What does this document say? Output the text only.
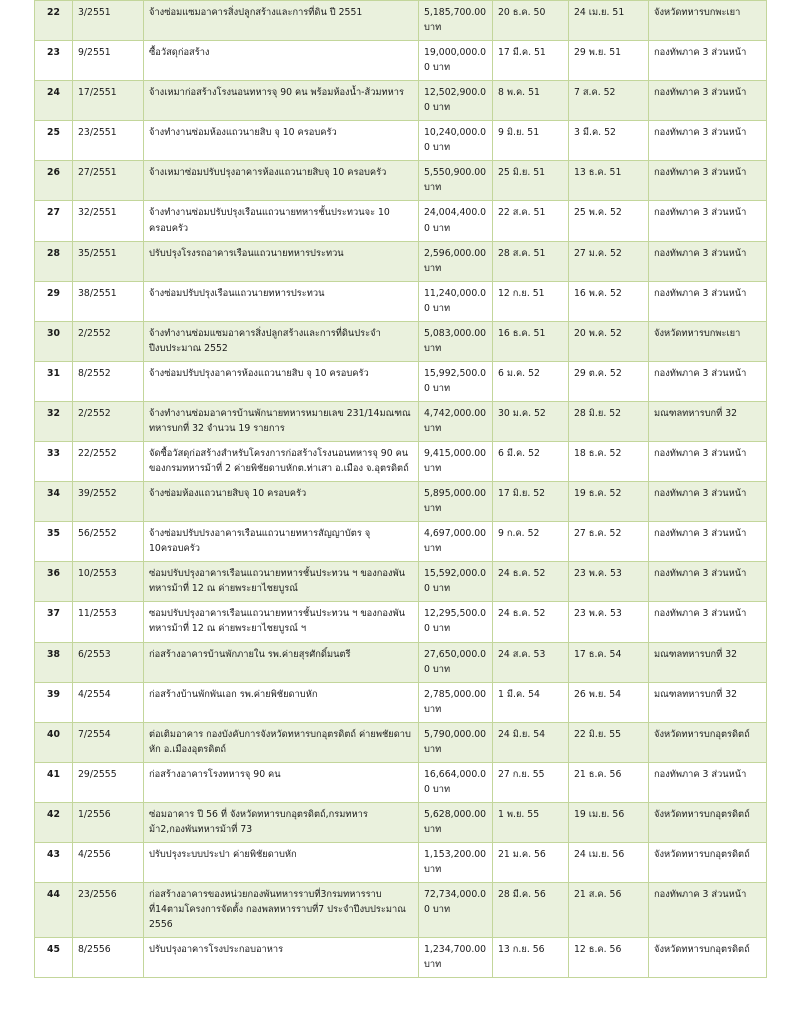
22	3/2551	จ้างซ่อมแซมอาคารสิ่งปลูกสร้างและการที่ดิน ปี 2551	5,185,700.00 บาท	20 ธ.ค. 50	24 เม.ย. 51	จังหวัดทหารบกพะเยา
23	9/2551	ซื้อวัสดุก่อสร้าง	19,000,000.00 บาท	17 มี.ค. 51	29 พ.ย. 51	กองทัพภาค 3 ส่วนหน้า
24	17/2551	จ้างเหมาก่อสร้างโรงนอนทหารจุ 90 คน พร้อมห้องน้ำ-ส้วมทหาร	12,502,900.00 บาท	8 พ.ค. 51	7 ส.ค. 52	กองทัพภาค 3 ส่วนหน้า
25	23/2551	จ้างทำงานซ่อมห้องแถวนายสิบ จุ 10 ครอบครัว	10,240,000.00 บาท	9 มิ.ย. 51	3 มี.ค. 52	กองทัพภาค 3 ส่วนหน้า
26	27/2551	จ้างเหมาซ่อมปรับปรุงอาคารห้องแถวนายสิบจุ 10 ครอบครัว	5,550,900.00 บาท	25 มิ.ย. 51	13 ธ.ค. 51	กองทัพภาค 3 ส่วนหน้า
27	32/2551	จ้างทำงานซ่อมปรับปรุงเรือนแถวนายทหารชั้นประทวนจะ 10 ครอบครัว	24,004,400.00 บาท	22 ส.ค. 51	25 พ.ค. 52	กองทัพภาค 3 ส่วนหน้า
28	35/2551	ปรับปรุงโรงรถอาคารเรือนแถวนายทหารประทวน	2,596,000.00 บาท	28 ส.ค. 51	27 ม.ค. 52	กองทัพภาค 3 ส่วนหน้า
29	38/2551	จ้างซ่อมปรับปรุงเรือนแถวนายทหารประทวน	11,240,000.00 บาท	12 ก.ย. 51	16 พ.ค. 52	กองทัพภาค 3 ส่วนหน้า
30	2/2552	จ้างทำงานซ่อมแซมอาคารสิ่งปลูกสร้างและการที่ดินประจำปีงบประมาณ 2552	5,083,000.00 บาท	16 ธ.ค. 51	20 พ.ค. 52	จังหวัดทหารบกพะเยา
31	8/2552	จ้างซ่อมปรับปรุงอาคารห้องแถวนายสิบ จุ 10 ครอบครัว	15,992,500.00 บาท	6 ม.ค. 52	29 ต.ค. 52	กองทัพภาค 3 ส่วนหน้า
32	2/2552	จ้างทำงานซ่อมอาคารบ้านพักนายทหารหมายเลข 231/14มณฑณทหารบกที่ 32 จำนวน 19 รายการ	4,742,000.00 บาท	30 ม.ค. 52	28 มิ.ย. 52	มณฑลทหารบกที่ 32
33	22/2552	จัดซื้อวัสดุก่อสร้างสำหรับโครงการก่อสร้างโรงนอนทหารจุ 90 คน ของกรมทหารม้าที่ 2 ค่ายพิชัยดาบหักต.ท่าเสา อ.เมือง จ.อุตรดิตถ์	9,415,000.00 บาท	6 มี.ค. 52	18 ธ.ค. 52	กองทัพภาค 3 ส่วนหน้า
34	39/2552	จ้างซ่อมห้องแถวนายสิบจุ 10 ครอบครัว	5,895,000.00 บาท	17 มิ.ย. 52	19 ธ.ค. 52	กองทัพภาค 3 ส่วนหน้า
35	56/2552	จ้างซ่อมปรับปรงอาคารเรือนแถวนายทหารสัญญาบัตร จุ 10ครอบครัว	4,697,000.00 บาท	9 ก.ค. 52	27 ธ.ค. 52	กองทัพภาค 3 ส่วนหน้า
36	10/2553	ซ่อมปรับปรุงอาคารเรือนแถวนายทหารชั้นประทวน ฯ ของกองพันทหารม้าที่ 12 ณ ค่ายพระยาไชยบูรณ์	15,592,000.00 บาท	24 ธ.ค. 52	23 พ.ค. 53	กองทัพภาค 3 ส่วนหน้า
37	11/2553	ซอมปรับปรุงอาคารเรือนแถวนายทหารชั้นประทวน ฯ ของกองพันทหารม้าที่ 12 ณ ค่ายพระยาไชยบูรณ์ ฯ	12,295,500.00 บาท	24 ธ.ค. 52	23 พ.ค. 53	กองทัพภาค 3 ส่วนหน้า
38	6/2553	ก่อสร้างอาคารบ้านพักภายใน รพ.ค่ายสุรศักดิ์มนตรี	27,650,000.00 บาท	24 ส.ค. 53	17 ธ.ค. 54	มณฑลทหารบกที่ 32
39	4/2554	ก่อสร้างบ้านพักพันเอก รพ.ค่ายพิชัยดาบหัก	2,785,000.00 บาท	1 มี.ค. 54	26 พ.ย. 54	มณฑลทหารบกที่ 32
40	7/2554	ต่อเติมอาคาร กองบังคับการจังหวัดทหารบกอุตรดิตถ์ ค่ายพชัยดาบหัก อ.เมืองอุตรดิตถ์	5,790,000.00 บาท	24 มิ.ย. 54	22 มิ.ย. 55	จังหวัดทหารบกอุตรดิตถ์
41	29/2555	ก่อสร้างอาคารโรงทหารจุ 90 คน	16,664,000.00 บาท	27 ก.ย. 55	21 ธ.ค. 56	กองทัพภาค 3 ส่วนหน้า
42	1/2556	ซ่อมอาคาร ปี 56 ที่ จังหวัดทหารบกอุตรดิตถ์,กรมทหารม้า2,กองพันทหารม้าที่ 73	5,628,000.00 บาท	1 พ.ย. 55	19 เม.ย. 56	จังหวัดทหารบกอุตรดิตถ์
43	4/2556	ปรับปรุงระบบประปา ค่ายพิชัยดาบหัก	1,153,200.00 บาท	21 ม.ค. 56	24 เม.ย. 56	จังหวัดทหารบกอุตรดิตถ์
44	23/2556	ก่อสร้างอาคารของหน่วยกองพันทหารราบที่3กรมทหารราบที่14ตามโครงการจัดตั้ง กองพลทหารราบที่7 ประจำปีงบประมาณ 2556	72,734,000.00 บาท	28 มี.ค. 56	21 ส.ค. 56	กองทัพภาค 3 ส่วนหน้า
45	8/2556	ปรับปรุงอาคารโรงประกอบอาหาร	1,234,700.00 บาท	13 ก.ย. 56	12 ธ.ค. 56	จังหวัดทหารบกอุตรดิตถ์
